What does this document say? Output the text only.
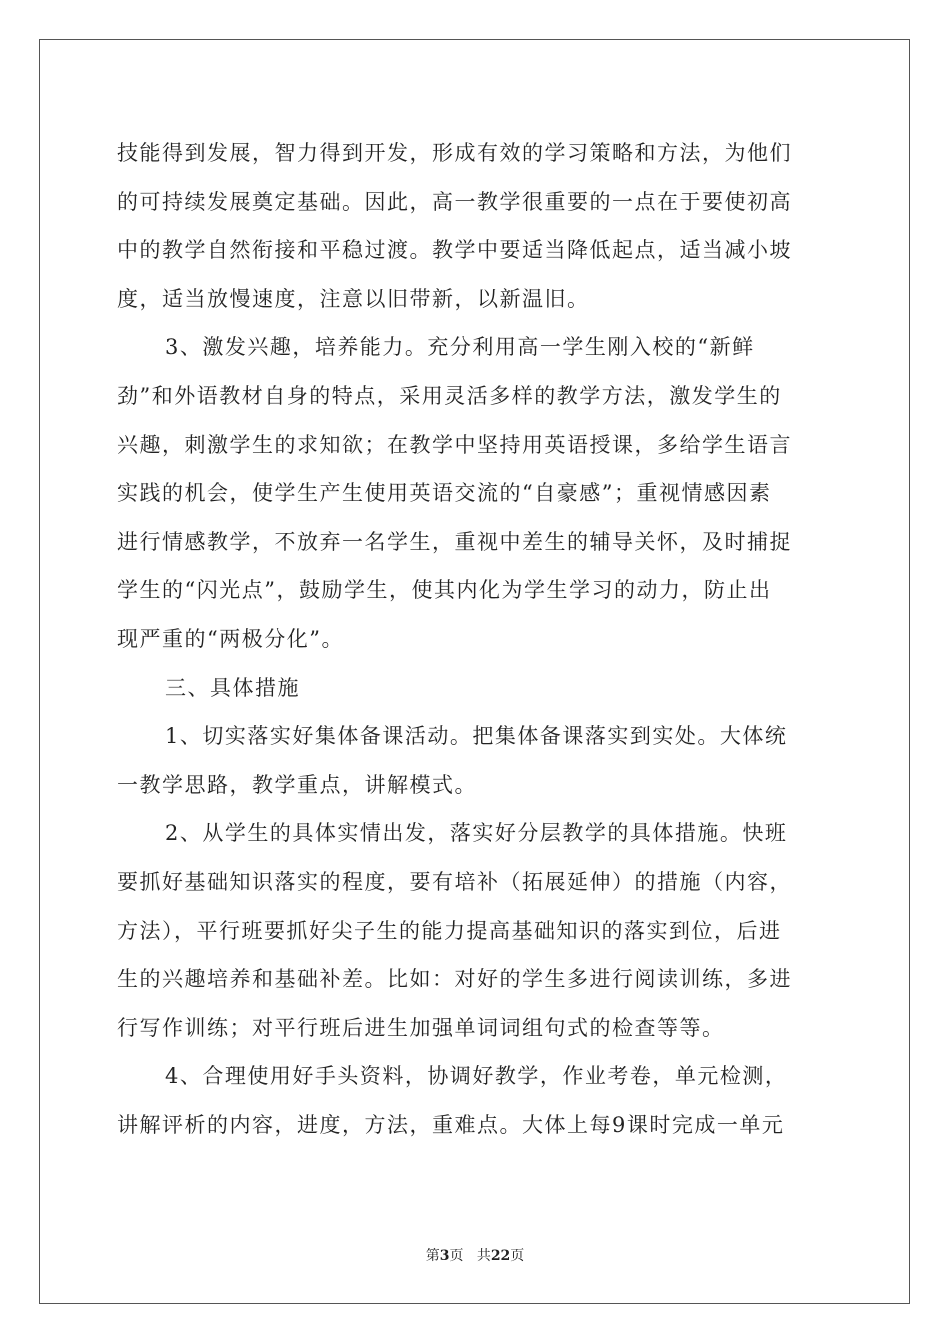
技能得到发展，智力得到开发，形成有效的学习策略和方法，为他们
的可持续发展奠定基础。因此，高一教学很重要的一点在于要使初高
中的教学自然衔接和平稳过渡。教学中要适当降低起点，适当减小坡
度，适当放慢速度，注意以旧带新，以新温旧。
3、激发兴趣，培养能力。充分利用高一学生刚入校的“新鲜
劲”和外语教材自身的特点，采用灵活多样的教学方法，激发学生的
兴趣，刺激学生的求知欲；在教学中坚持用英语授课，多给学生语言
实践的机会，使学生产生使用英语交流的“自豪感”；重视情感因素
进行情感教学，不放弃一名学生，重视中差生的辅导关怀，及时捕捉
学生的“闪光点”，鼓励学生，使其内化为学生学习的动力，防止出
现严重的“两极分化”。
三、具体措施
1、切实落实好集体备课活动。把集体备课落实到实处。大体统
一教学思路，教学重点，讲解模式。
2、从学生的具体实情出发，落实好分层教学的具体措施。快班
要抓好基础知识落实的程度，要有培补（拓展延伸）的措施（内容，
方法），平行班要抓好尖子生的能力提高基础知识的落实到位，后进
生的兴趣培养和基础补差。比如：对好的学生多进行阅读训练，多进
行写作训练；对平行班后进生加强单词词组句式的检查等等。
4、合理使用好手头资料，协调好教学，作业考卷，单元检测，
讲解评析的内容，进度，方法，重难点。大体上每9课时完成一单元
第3页 共22页
